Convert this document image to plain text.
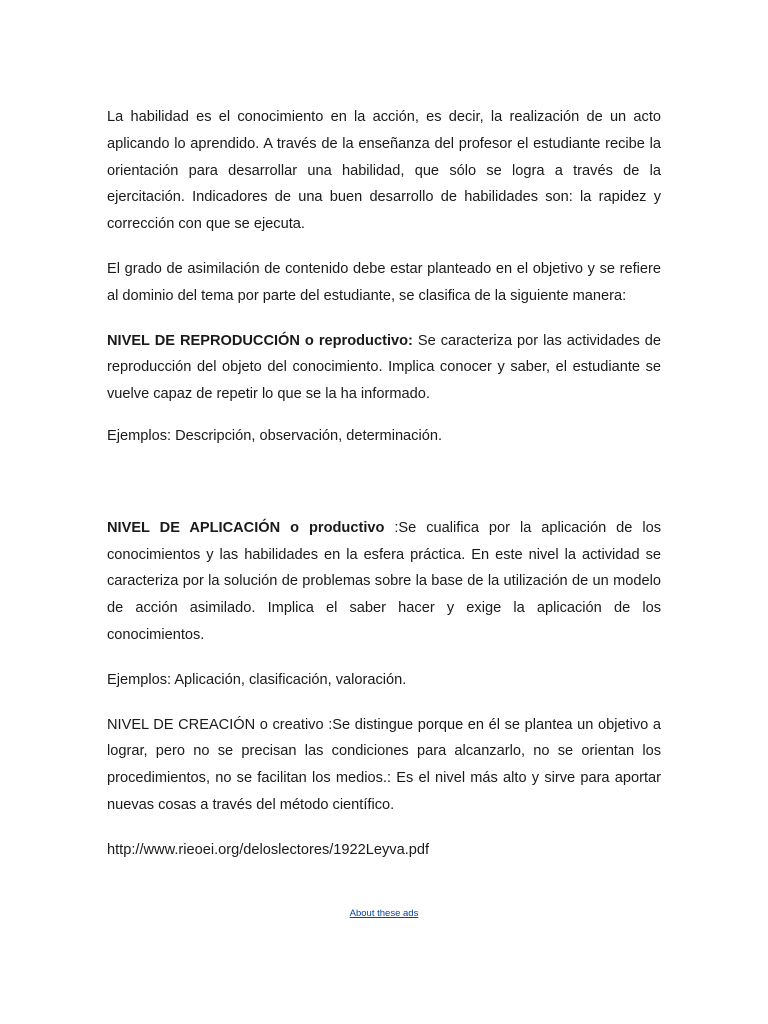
La habilidad es el conocimiento en la acción, es decir, la realización de un acto aplicando lo aprendido. A través de la enseñanza del profesor el estudiante recibe la orientación para desarrollar una habilidad, que sólo se logra a través de la ejercitación. Indicadores de una buen desarrollo de habilidades son: la rapidez y corrección con que se ejecuta.

El grado de asimilación de contenido debe estar planteado en el objetivo y se refiere al dominio del tema por parte del estudiante, se clasifica de la siguiente manera:

NIVEL DE REPRODUCCIÓN o reproductivo: Se caracteriza por las actividades de reproducción del objeto del conocimiento. Implica conocer y saber, el estudiante se vuelve capaz de repetir lo que se la ha informado.

Ejemplos: Descripción, observación, determinación.

NIVEL DE APLICACIÓN o productivo :Se cualifica por la aplicación de los conocimientos y las habilidades en la esfera práctica. En este nivel la actividad se caracteriza por la solución de problemas sobre la base de la utilización de un modelo de acción asimilado. Implica el saber hacer y exige la aplicación de los conocimientos.

Ejemplos: Aplicación, clasificación, valoración.

NIVEL DE CREACIÓN o creativo :Se distingue porque en él se plantea un objetivo a lograr, pero no se precisan las condiciones para alcanzarlo, no se orientan los procedimientos, no se facilitan los medios.: Es el nivel más alto y sirve para aportar nuevas cosas a través del método científico.

http://www.rieoei.org/deloslectores/1922Leyva.pdf

About these ads
